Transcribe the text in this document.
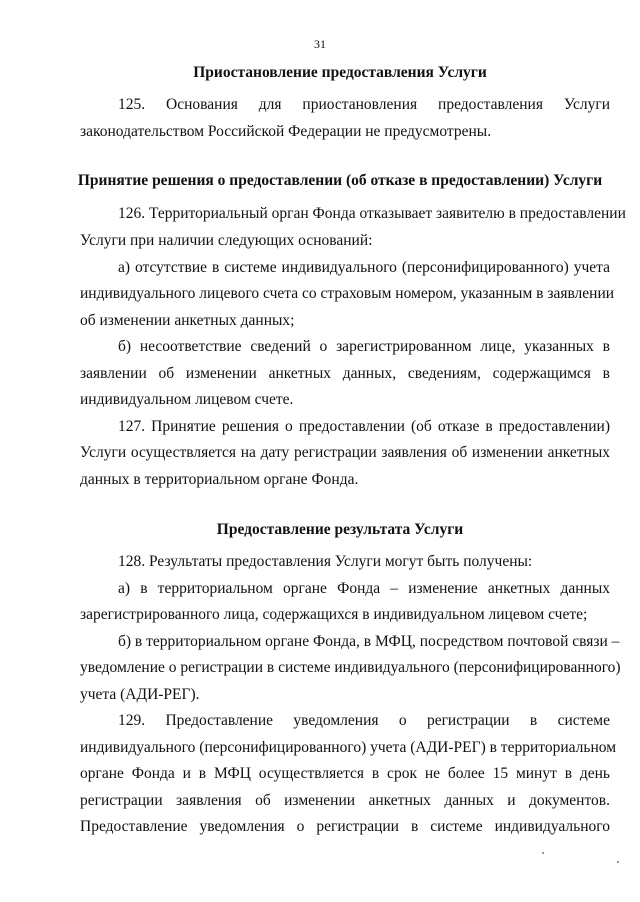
31
Приостановление предоставления Услуги
125. Основания для приостановления предоставления Услуги
законодательством Российской Федерации не предусмотрены.
Принятие решения о предоставлении (об отказе в предоставлении) Услуги
126. Территориальный орган Фонда отказывает заявителю в предоставлении
Услуги при наличии следующих оснований:
а) отсутствие в системе индивидуального (персонифицированного) учета
индивидуального лицевого счета со страховым номером, указанным в заявлении
об изменении анкетных данных;
б) несоответствие сведений о зарегистрированном лице, указанных в
заявлении об изменении анкетных данных, сведениям, содержащимся в
индивидуальном лицевом счете.
127. Принятие решения о предоставлении (об отказе в предоставлении)
Услуги осуществляется на дату регистрации заявления об изменении анкетных
данных в территориальном органе Фонда.
Предоставление результата Услуги
128. Результаты предоставления Услуги могут быть получены:
а) в территориальном органе Фонда – изменение анкетных данных
зарегистрированного лица, содержащихся в индивидуальном лицевом счете;
б) в территориальном органе Фонда, в МФЦ, посредством почтовой связи –
уведомление о регистрации в системе индивидуального (персонифицированного)
учета (АДИ-РЕГ).
129. Предоставление уведомления о регистрации в системе
индивидуального (персонифицированного) учета (АДИ-РЕГ) в территориальном
органе Фонда и в МФЦ осуществляется в срок не более 15 минут в день
регистрации заявления об изменении анкетных данных и документов.
Предоставление уведомления о регистрации в системе индивидуального
